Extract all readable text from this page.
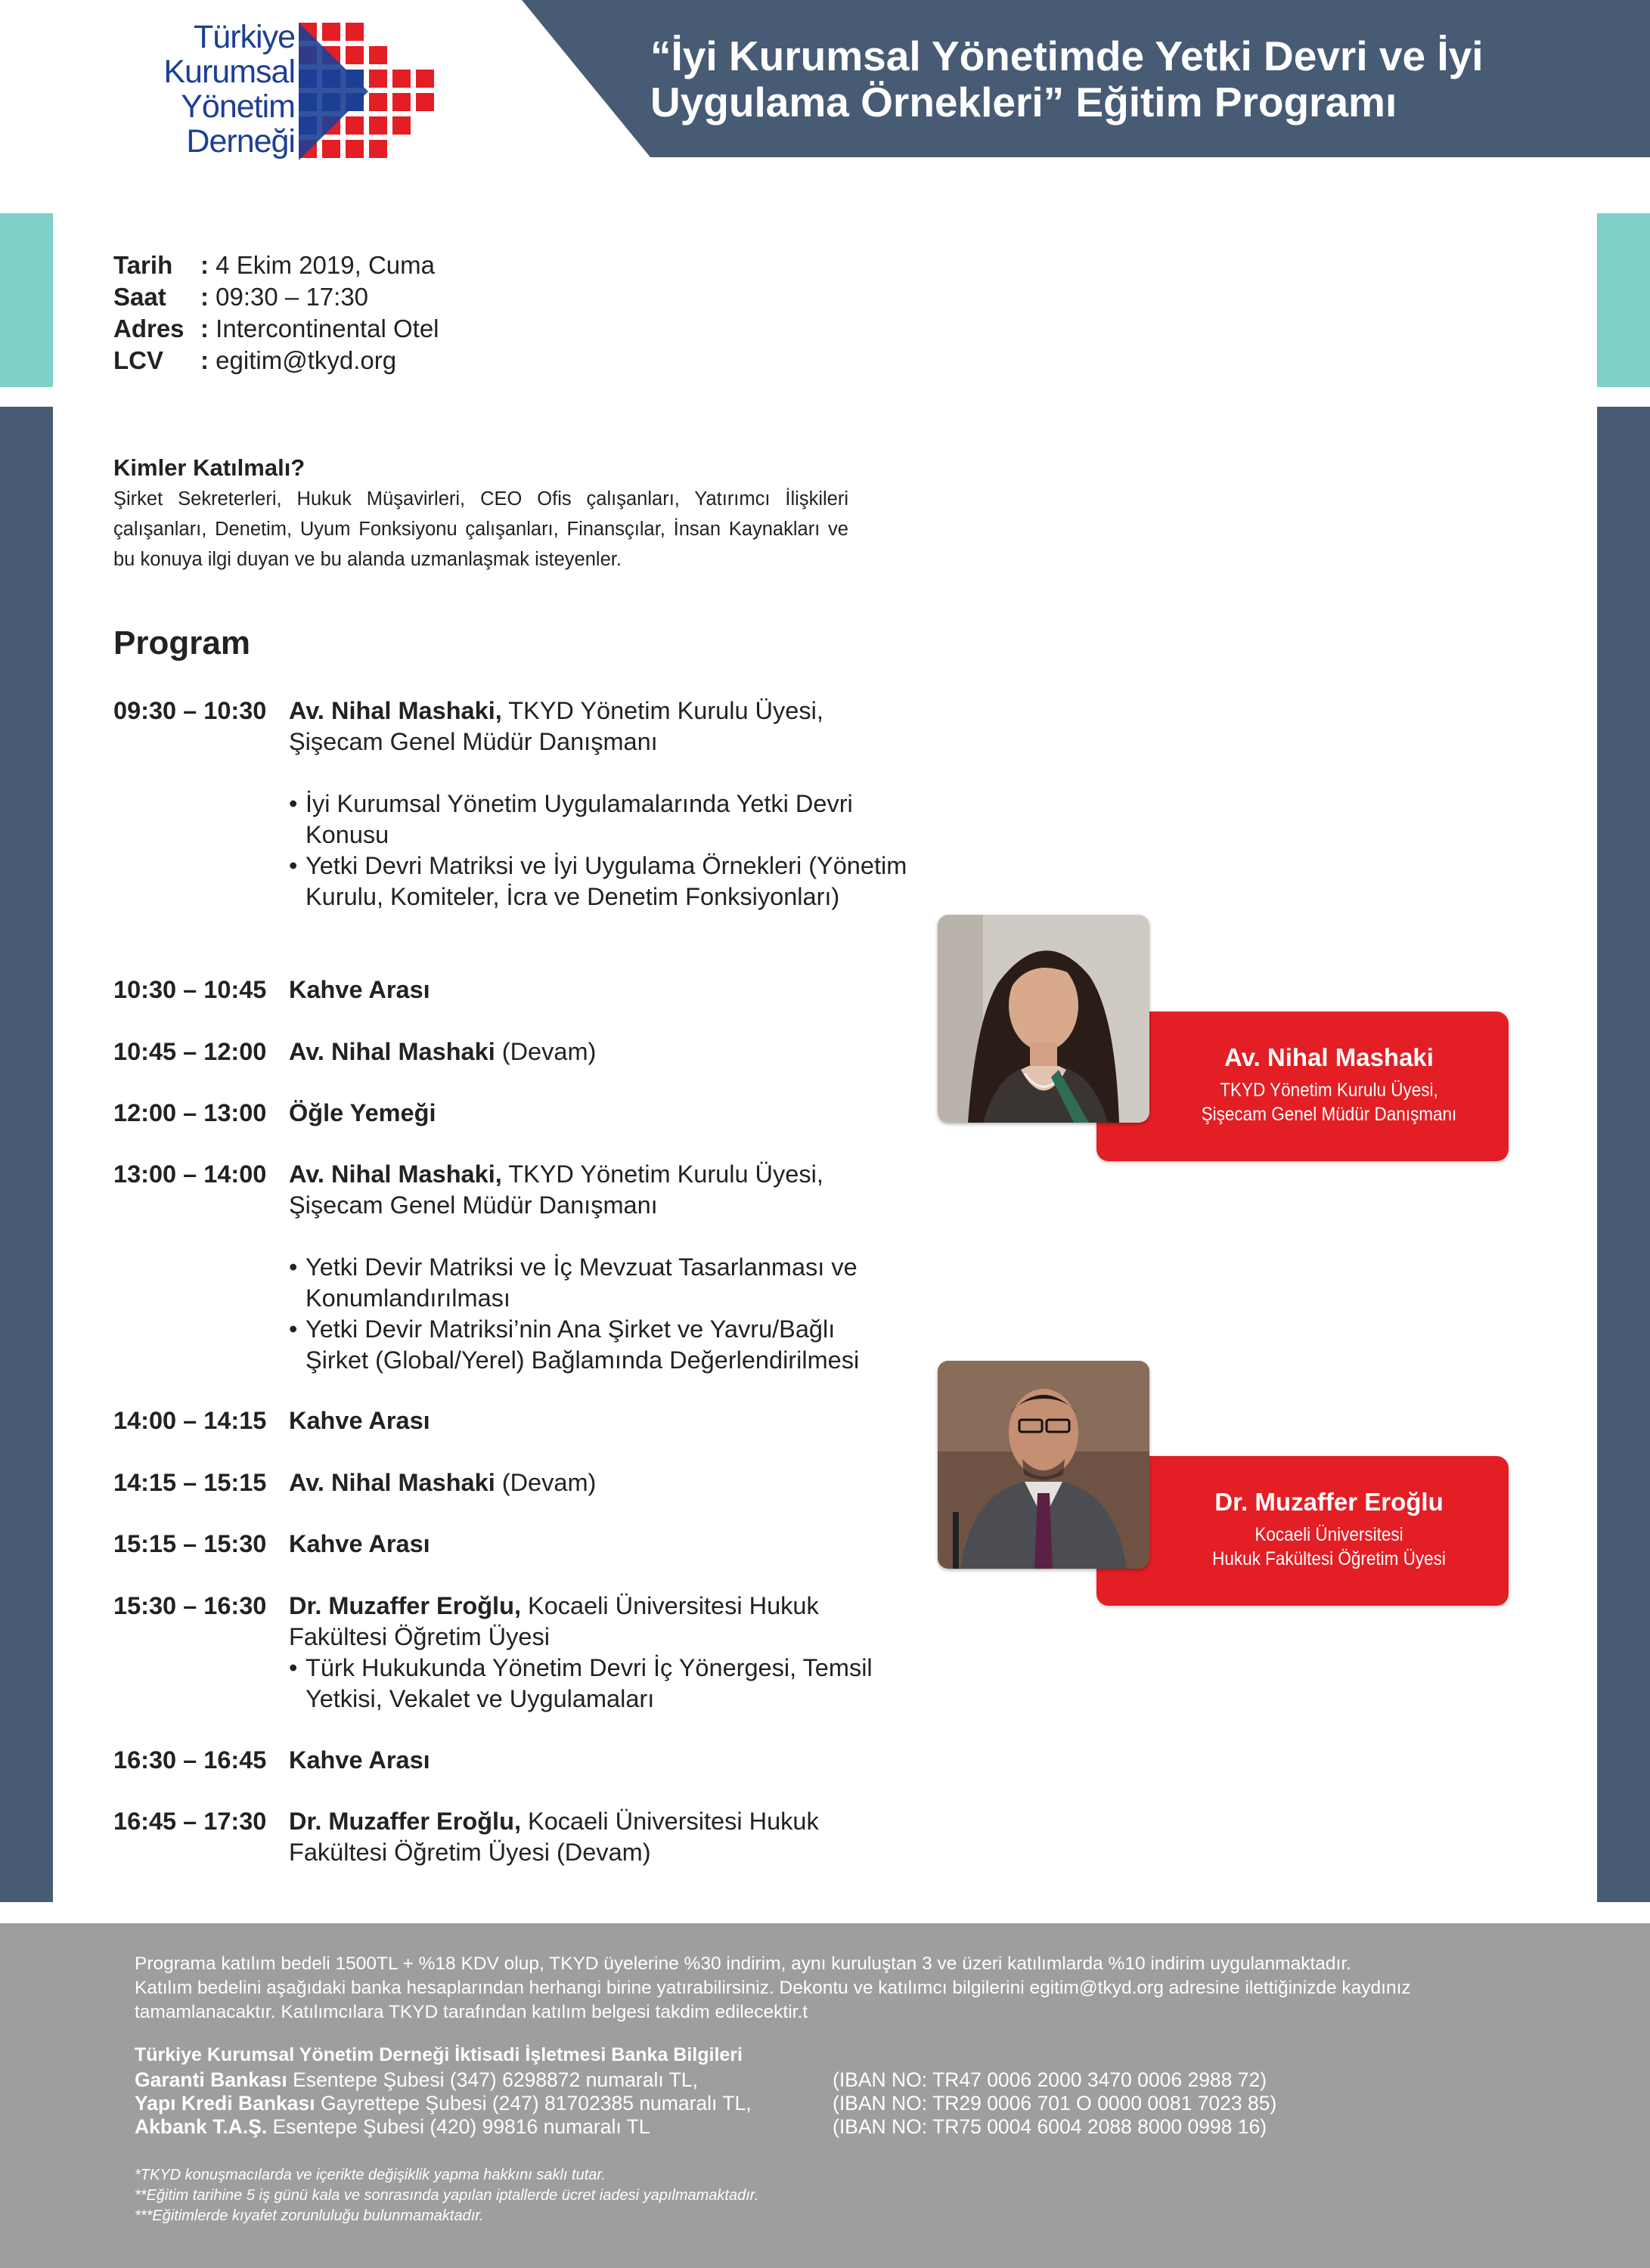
“İyi Kurumsal Yönetimde Yetki Devri ve İyi
Uygulama Örnekleri” Eğitim Programı
Türkiye
Kurumsal
Yönetim
Derneği
Tarih	: 4 Ekim 2019, Cuma
Saat	: 09:30 – 17:30
Adres : Intercontinental Otel
LCV	: egitim@tkyd.org
Kimler Katılmalı?
Şirket Sekreterleri, Hukuk Müşavirleri, CEO Ofis çalışanları, Yatırımcı İlişkileri çalışanları, Denetim, Uyum Fonksiyonu çalışanları, Finansçılar, İnsan Kaynakları ve bu konuya ilgi duyan ve bu alanda uzmanlaşmak isteyenler.
Program
09:30 – 10:30 Av. Nihal Mashaki, TKYD Yönetim Kurulu Üyesi,
Şişecam Genel Müdür Danışmanı
• İyi Kurumsal Yönetim Uygulamalarında Yetki Devri Konusu
• Yetki Devri Matriksi ve İyi Uygulama Örnekleri (Yönetim Kurulu, Komiteler, İcra ve Denetim Fonksiyonları)
10:30 – 10:45 Kahve Arası
10:45 – 12:00 Av. Nihal Mashaki (Devam)
12:00 – 13:00 Öğle Yemeği
13:00 – 14:00 Av. Nihal Mashaki, TKYD Yönetim Kurulu Üyesi,
Şişecam Genel Müdür Danışmanı
• Yetki Devir Matriksi ve İç Mevzuat Tasarlanması ve Konumlandırılması
• Yetki Devir Matriksi’nin Ana Şirket ve Yavru/Bağlı Şirket (Global/Yerel) Bağlamında Değerlendirilmesi
14:00 – 14:15 Kahve Arası
14:15 – 15:15 Av. Nihal Mashaki (Devam)
15:15 – 15:30 Kahve Arası
15:30 – 16:30 Dr. Muzaffer Eroğlu, Kocaeli Üniversitesi Hukuk
Fakültesi Öğretim Üyesi
• Türk Hukukunda Yönetim Devri İç Yönergesi, Temsil Yetkisi, Vekalet ve Uygulamaları
16:30 – 16:45 Kahve Arası
16:45 – 17:30 Dr. Muzaffer Eroğlu, Kocaeli Üniversitesi Hukuk
Fakültesi Öğretim Üyesi (Devam)
Av. Nihal Mashaki
TKYD Yönetim Kurulu Üyesi,
Şişecam Genel Müdür Danışmanı
Dr. Muzaffer Eroğlu
Kocaeli Üniversitesi
Hukuk Fakültesi Öğretim Üyesi
Programa katılım bedeli 1500TL + %18 KDV olup, TKYD üyelerine %30 indirim, aynı kuruluştan 3 ve üzeri katılımlarda %10 indirim uygulanmaktadır.
Katılım bedelini aşağıdaki banka hesaplarından herhangi birine yatırabilirsiniz. Dekontu ve katılımcı bilgilerini egitim@tkyd.org adresine ilettiğinizde kaydınız tamamlanacaktır. Katılımcılara TKYD tarafından katılım belgesi takdim edilecektir.t
Türkiye Kurumsal Yönetim Derneği İktisadi İşletmesi Banka Bilgileri
Garanti Bankası Esentepe Şubesi (347) 6298872 numaralı TL,	(IBAN NO: TR47 0006 2000 3470 0006 2988 72)
Yapı Kredi Bankası Gayrettepe Şubesi (247) 81702385 numaralı TL,	(IBAN NO: TR29 0006 701 O 0000 0081 7023 85)
Akbank T.A.Ş. Esentepe Şubesi (420) 99816 numaralı TL	(IBAN NO: TR75 0004 6004 2088 8000 0998 16)
*TKYD konuşmacılarda ve içerikte değişiklik yapma hakkını saklı tutar.
**Eğitim tarihine 5 iş günü kala ve sonrasında yapılan iptallerde ücret iadesi yapılmamaktadır.
***Eğitimlerde kıyafet zorunluluğu bulunmamaktadır.
